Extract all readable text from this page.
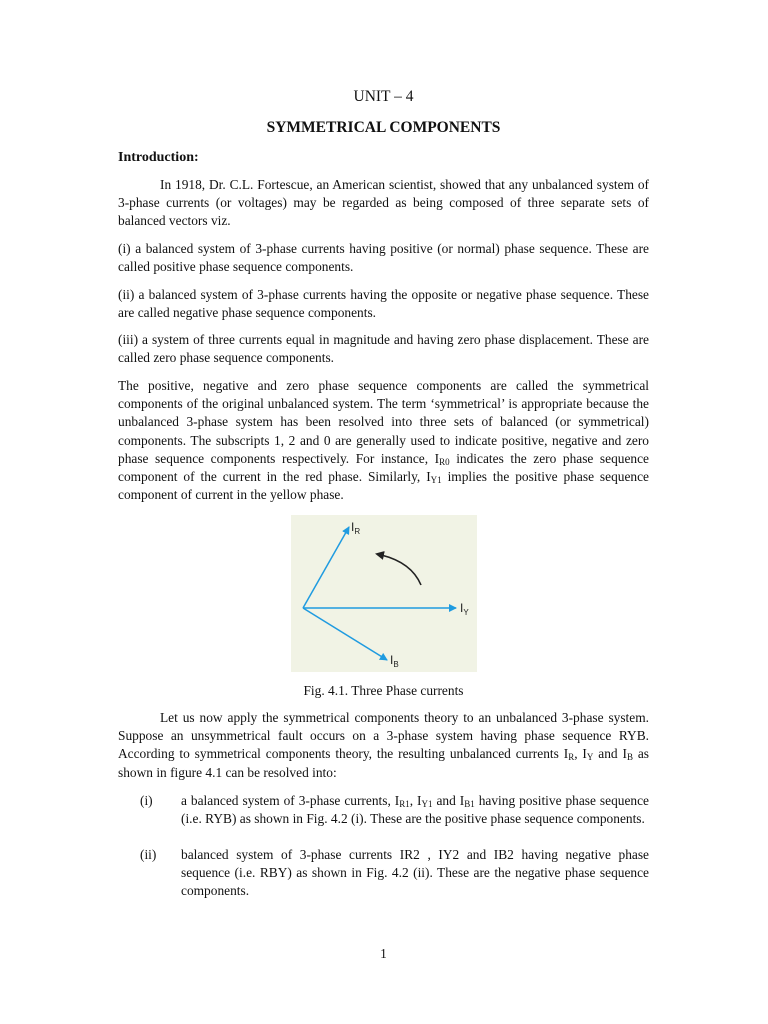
UNIT – 4
SYMMETRICAL COMPONENTS
Introduction:
In 1918, Dr. C.L. Fortescue, an American scientist, showed that any unbalanced system of 3-phase currents (or voltages) may be regarded as being composed of three separate sets of balanced vectors viz.
(i) a balanced system of 3-phase currents having positive (or normal) phase sequence. These are called positive phase sequence components.
(ii) a balanced system of 3-phase currents having the opposite or negative phase sequence. These are called negative phase sequence components.
(iii) a system of three currents equal in magnitude and having zero phase displacement. These are called zero phase sequence components.
The positive, negative and zero phase sequence components are called the symmetrical components of the original unbalanced system. The term ‘symmetrical’ is appropriate because the unbalanced 3-phase system has been resolved into three sets of balanced (or symmetrical) components. The subscripts 1, 2 and 0 are generally used to indicate positive, negative and zero phase sequence components respectively. For instance, $I_{R0}$ indicates the zero phase sequence component of the current in the red phase. Similarly, $I_{Y1}$ implies the positive phase sequence component of current in the yellow phase.
$I_R$
$I_Y$
$I_B$
Fig. 4.1. Three Phase currents
Let us now apply the symmetrical components theory to an unbalanced 3-phase system. Suppose an unsymmetrical fault occurs on a 3-phase system having phase sequence RYB. According to symmetrical components theory, the resulting unbalanced currents $I_R$, $I_Y$ and $I_B$ as shown in figure 4.1 can be resolved into:
(i) a balanced system of 3-phase currents, $I_{R1}$, $I_{Y1}$ and $I_{B1}$ having positive phase sequence (i.e. RYB) as shown in Fig. 4.2 (i). These are the positive phase sequence components.
(ii) balanced system of 3-phase currents IR2 , IY2 and IB2 having negative phase sequence (i.e. RBY) as shown in Fig. 4.2 (ii). These are the negative phase sequence components.
1
